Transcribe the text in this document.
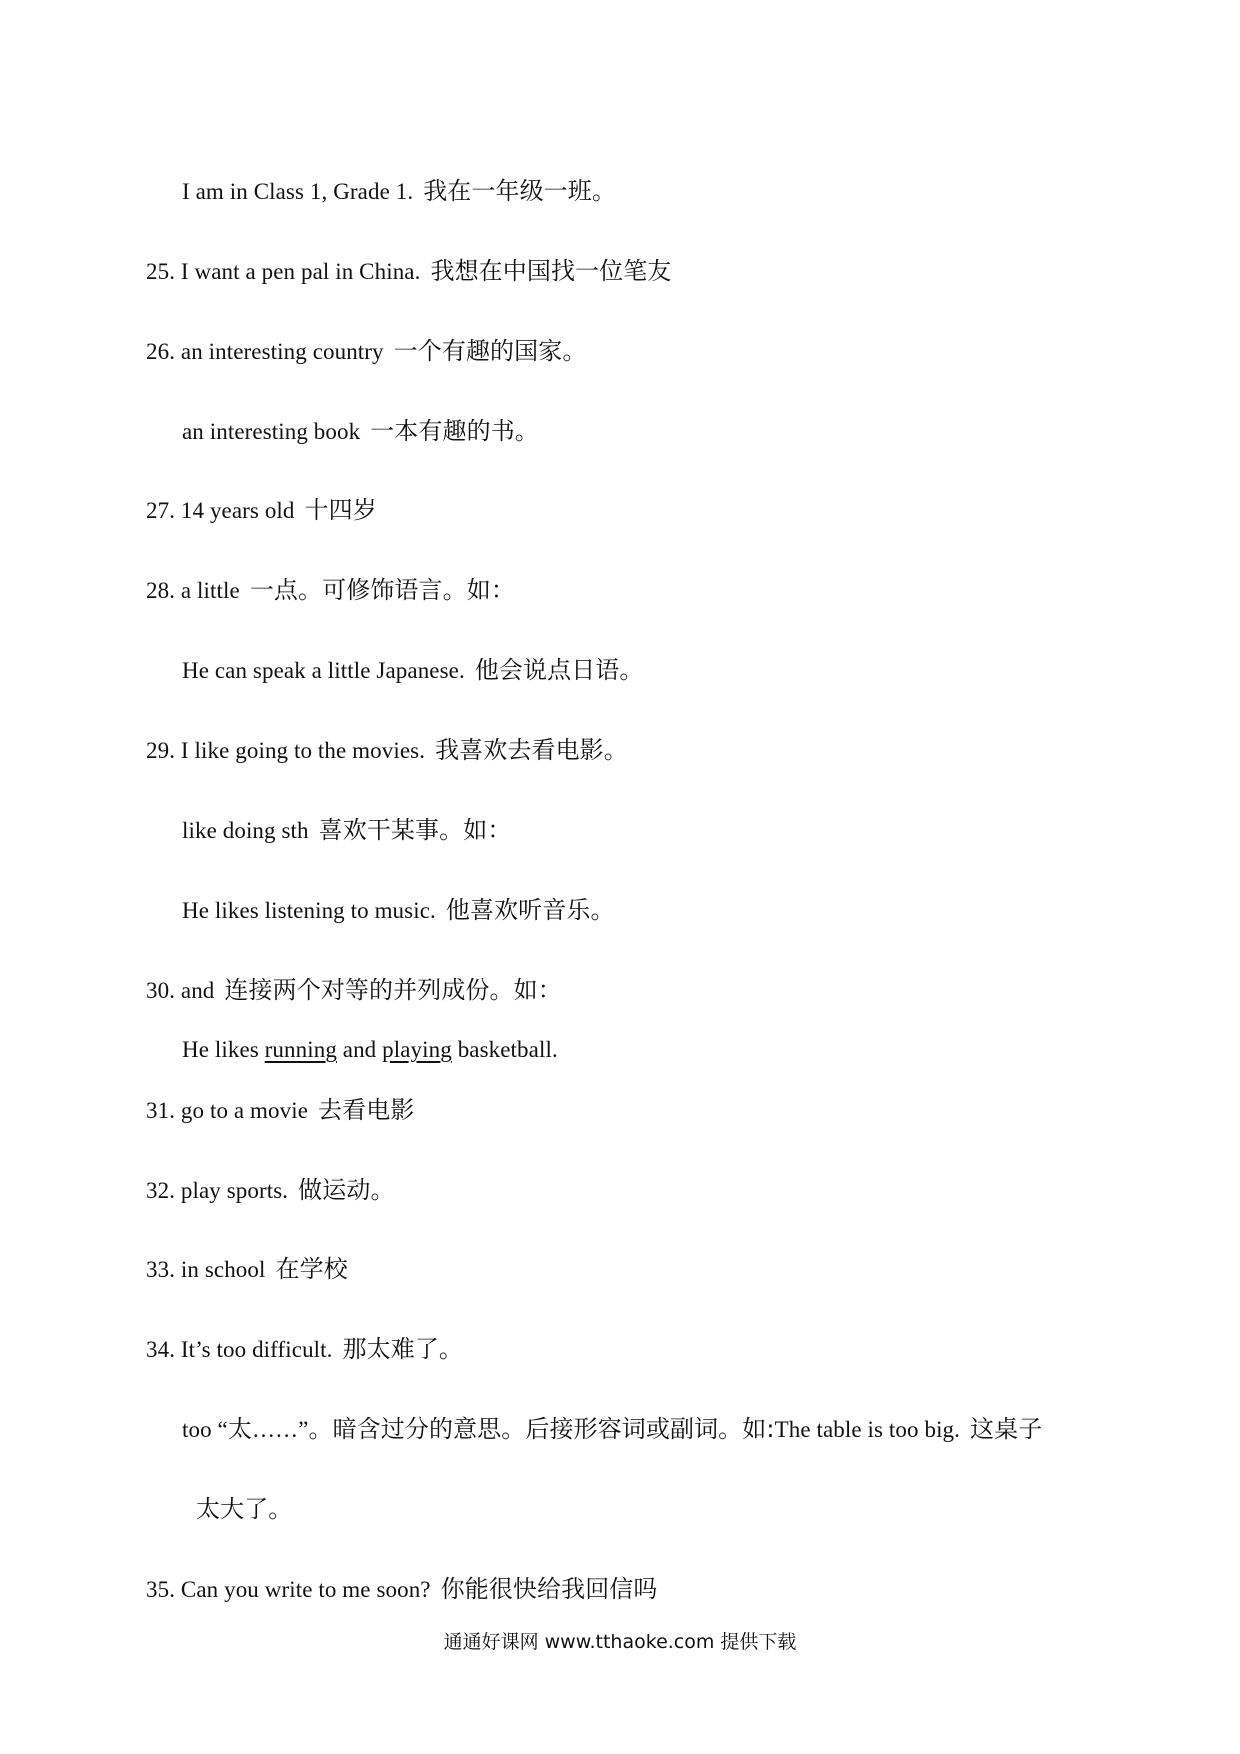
I am in Class 1, Grade 1. 我在一年级一班。
25. I want a pen pal in China. 我想在中国找一位笔友
26. an interesting country 一个有趣的国家。
an interesting book 一本有趣的书。
27. 14 years old 十四岁
28. a little 一点。可修饰语言。如：
He can speak a little Japanese. 他会说点日语。
29. I like going to the movies. 我喜欢去看电影。
like doing sth 喜欢干某事。如：
He likes listening to music. 他喜欢听音乐。
30. and 连接两个对等的并列成份。如：
He likes running and playing basketball.
31. go to a movie 去看电影
32. play sports. 做运动。
33. in school 在学校
34. It’s too difficult. 那太难了。
too “太……”。暗含过分的意思。后接形容词或副词。如:The table is too big. 这桌子
太大了。
35. Can you write to me soon? 你能很快给我回信吗
通通好课网 www.tthaoke.com 提供下载
